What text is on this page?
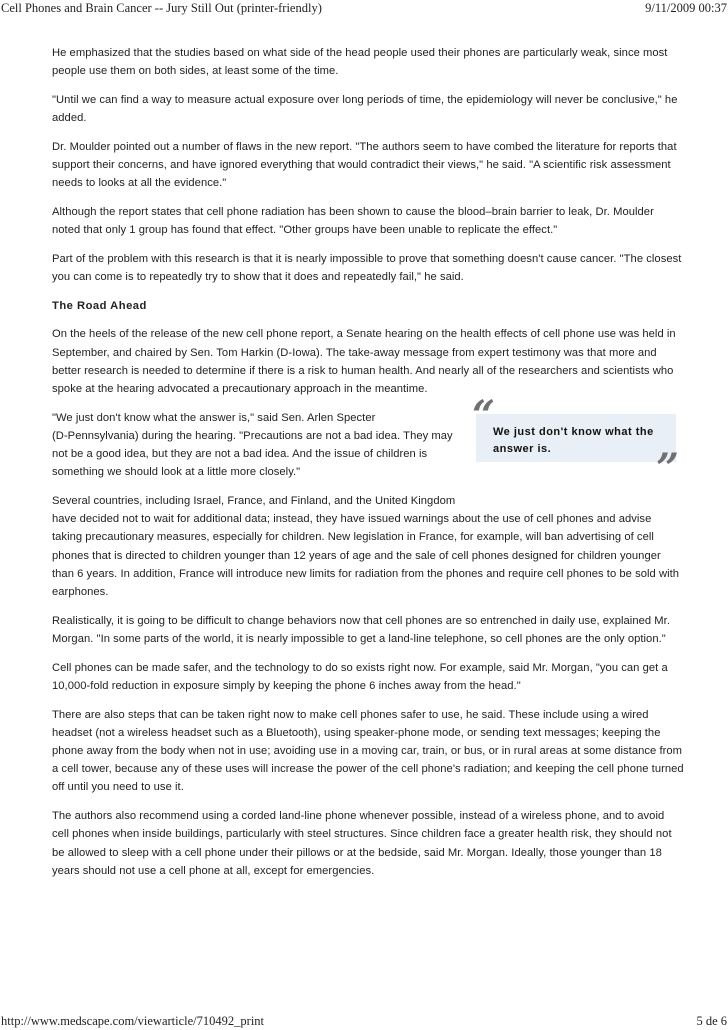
Cell Phones and Brain Cancer -- Jury Still Out (printer-friendly)	9/11/2009 00:37

He emphasized that the studies based on what side of the head people used their phones are particularly weak, since most people use them on both sides, at least some of the time.

"Until we can find a way to measure actual exposure over long periods of time, the epidemiology will never be conclusive," he added.

Dr. Moulder pointed out a number of flaws in the new report. "The authors seem to have combed the literature for reports that support their concerns, and have ignored everything that would contradict their views," he said. "A scientific risk assessment needs to looks at all the evidence."

Although the report states that cell phone radiation has been shown to cause the blood–brain barrier to leak, Dr. Moulder noted that only 1 group has found that effect. "Other groups have been unable to replicate the effect."

Part of the problem with this research is that it is nearly impossible to prove that something doesn't cause cancer. "The closest you can come is to repeatedly try to show that it does and repeatedly fail," he said.

The Road Ahead

On the heels of the release of the new cell phone report, a Senate hearing on the health effects of cell phone use was held in September, and chaired by Sen. Tom Harkin (D-Iowa). The take-away message from expert testimony was that more and better research is needed to determine if there is a risk to human health. And nearly all of the researchers and scientists who spoke at the hearing advocated a precautionary approach in the meantime.

"We just don't know what the answer is," said Sen. Arlen Specter
(D-Pennsylvania) during the hearing. "Precautions are not a bad idea. They may
not be a good idea, but they are not a bad idea. And the issue of children is
something we should look at a little more closely."

We just don't know what the answer is.
“
”

Several countries, including Israel, France, and Finland, and the United Kingdom
have decided not to wait for additional data; instead, they have issued warnings about the use of cell phones and advise taking precautionary measures, especially for children. New legislation in France, for example, will ban advertising of cell phones that is directed to children younger than 12 years of age and the sale of cell phones designed for children younger than 6 years. In addition, France will introduce new limits for radiation from the phones and require cell phones to be sold with earphones.

Realistically, it is going to be difficult to change behaviors now that cell phones are so entrenched in daily use, explained Mr. Morgan. "In some parts of the world, it is nearly impossible to get a land-line telephone, so cell phones are the only option."

Cell phones can be made safer, and the technology to do so exists right now. For example, said Mr. Morgan, "you can get a 10,000-fold reduction in exposure simply by keeping the phone 6 inches away from the head."

There are also steps that can be taken right now to make cell phones safer to use, he said. These include using a wired headset (not a wireless headset such as a Bluetooth), using speaker-phone mode, or sending text messages; keeping the phone away from the body when not in use; avoiding use in a moving car, train, or bus, or in rural areas at some distance from a cell tower, because any of these uses will increase the power of the cell phone's radiation; and keeping the cell phone turned off until you need to use it.

The authors also recommend using a corded land-line phone whenever possible, instead of a wireless phone, and to avoid cell phones when inside buildings, particularly with steel structures. Since children face a greater health risk, they should not be allowed to sleep with a cell phone under their pillows or at the bedside, said Mr. Morgan. Ideally, those younger than 18 years should not use a cell phone at all, except for emergencies.

http://www.medscape.com/viewarticle/710492_print	5 de 6
